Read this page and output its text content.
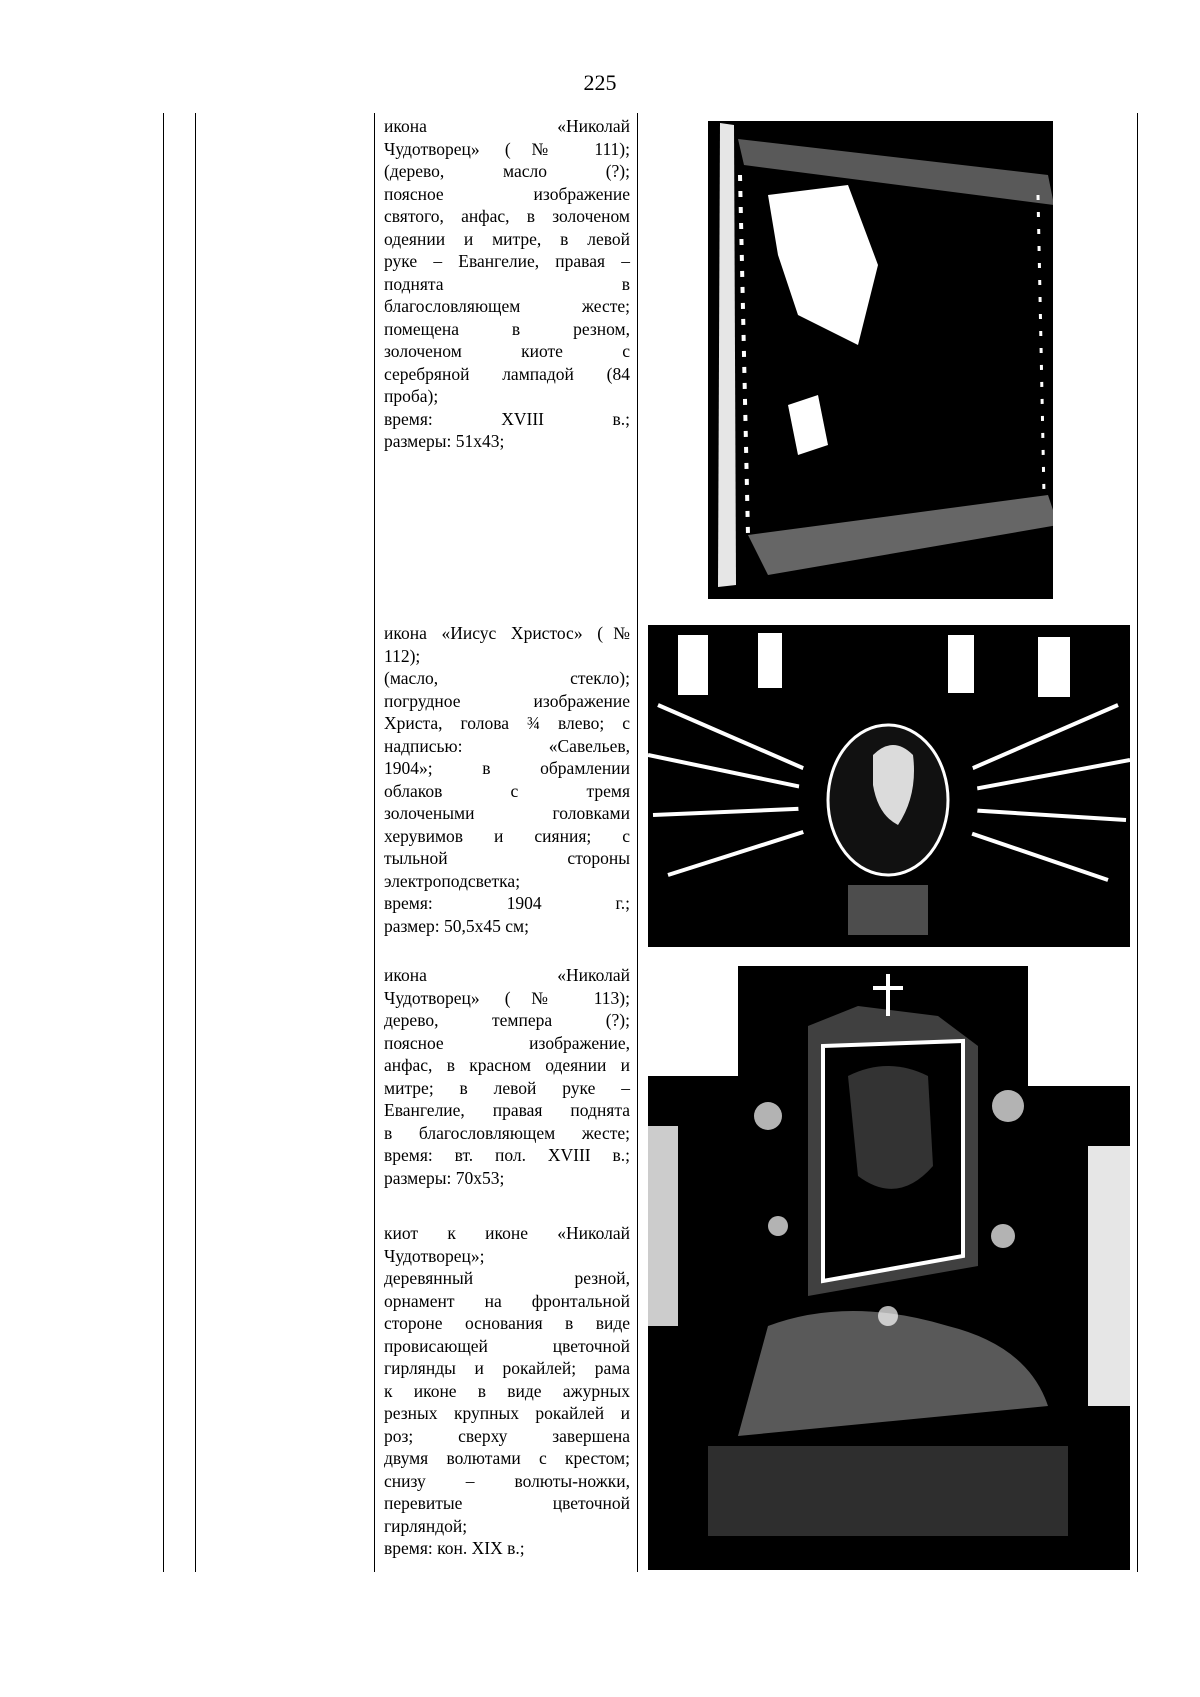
225
икона «Николай
Чудотворец» (№ 111);
(дерево, масло (?);
поясное изображение
святого, анфас, в золоченом
одеянии и митре, в левой
руке – Евангелие, правая –
поднята в
благословляющем жесте;
помещена в резном,
золоченом киоте с
серебряной лампадой (84
проба);
время: XVIII в.;
размеры: 51х43;
икона «Иисус Христос» (№
112);
(масло, стекло);
погрудное изображение
Христа, голова ¾ влево; с
надписью: «Савельев,
1904»; в обрамлении
облаков с тремя
золочеными головками
херувимов и сияния; с
тыльной стороны
электроподсветка;
время: 1904 г.;
размер: 50,5х45 см;
икона «Николай
Чудотворец» (№ 113);
дерево, темпера (?);
поясное изображение,
анфас, в красном одеянии и
митре; в левой руке –
Евангелие, правая поднята
в благословляющем жесте;
время: вт. пол. XVIII в.;
размеры: 70х53;
киот к иконе «Николай
Чудотворец»;
деревянный резной,
орнамент на фронтальной
стороне основания в виде
провисающей цветочной
гирлянды и рокайлей; рама
к иконе в виде ажурных
резных крупных рокайлей и
роз; сверху завершена
двумя волютами с крестом;
снизу – волюты-ножки,
перевитые цветочной
гирляндой;
время: кон. XIX в.;
